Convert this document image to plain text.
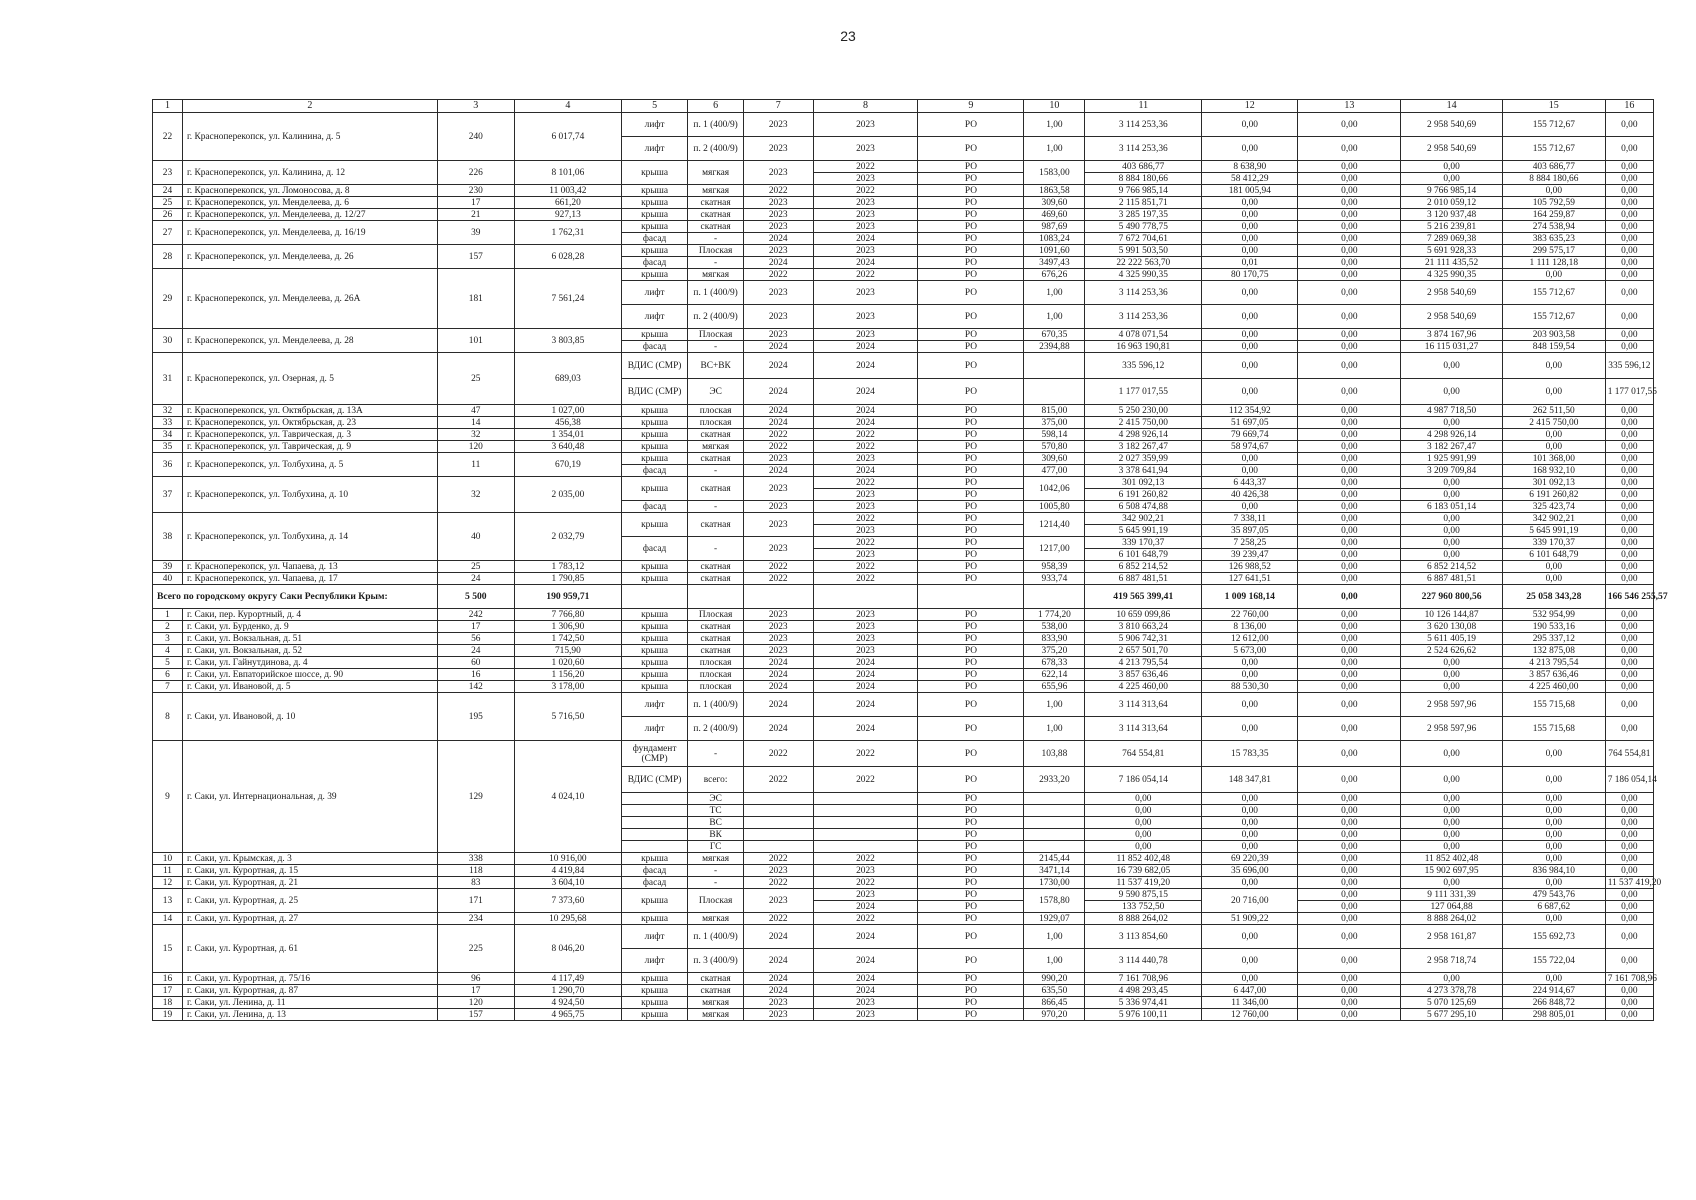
23
1	2	3	4	5	6	7	8	9	10	11	12	13	14	15	16
22	г. Красноперекопск, ул. Калинина, д. 5	240	6 017,74	лифт	п. 1 (400/9)	2023	2023	РО	1,00	3 114 253,36	0,00	0,00	2 958 540,69	155 712,67	0,00
				лифт	п. 2 (400/9)	2023	2023	РО	1,00	3 114 253,36	0,00	0,00	2 958 540,69	155 712,67	0,00
23	г. Красноперекопск, ул. Калинина, д. 12	226	8 101,06	крыша	мягкая	2023	2022	РО	1583,00	403 686,77	8 638,90	0,00	0,00	403 686,77	0,00
							2023	РО		8 884 180,66	58 412,29	0,00	0,00	8 884 180,66	0,00
24	г. Красноперекопск, ул. Ломоносова, д. 8	230	11 003,42	крыша	мягкая	2022	2022	РО	1863,58	9 766 985,14	181 005,94	0,00	9 766 985,14	0,00	0,00
25	г. Красноперекопск, ул. Менделеева, д. 6	17	661,20	крыша	скатная	2023	2023	РО	309,60	2 115 851,71	0,00	0,00	2 010 059,12	105 792,59	0,00
26	г. Красноперекопск, ул. Менделеева, д. 12/27	21	927,13	крыша	скатная	2023	2023	РО	469,60	3 285 197,35	0,00	0,00	3 120 937,48	164 259,87	0,00
27	г. Красноперекопск, ул. Менделеева, д. 16/19	39	1 762,31	крыша	скатная	2023	2023	РО	987,69	5 490 778,75	0,00	0,00	5 216 239,81	274 538,94	0,00
				фасад	-	2024	2024	РО	1083,24	7 672 704,61	0,00	0,00	7 289 069,38	383 635,23	0,00
28	г. Красноперекопск, ул. Менделеева, д. 26	157	6 028,28	крыша	Плоская	2023	2023	РО	1091,60	5 991 503,50	0,00	0,00	5 691 928,33	299 575,17	0,00
				фасад	-	2024	2024	РО	3497,43	22 222 563,70	0,01	0,00	21 111 435,52	1 111 128,18	0,00
29	г. Красноперекопск, ул. Менделеева, д. 26А	181	7 561,24	крыша	мягкая	2022	2022	РО	676,26	4 325 990,35	80 170,75	0,00	4 325 990,35	0,00	0,00
				лифт	п. 1 (400/9)	2023	2023	РО	1,00	3 114 253,36	0,00	0,00	2 958 540,69	155 712,67	0,00
				лифт	п. 2 (400/9)	2023	2023	РО	1,00	3 114 253,36	0,00	0,00	2 958 540,69	155 712,67	0,00
30	г. Красноперекопск, ул. Менделеева, д. 28	101	3 803,85	крыша	Плоская	2023	2023	РО	670,35	4 078 071,54	0,00	0,00	3 874 167,96	203 903,58	0,00
				фасад	-	2024	2024	РО	2394,88	16 963 190,81	0,00	0,00	16 115 031,27	848 159,54	0,00
31	г. Красноперекопск, ул. Озерная, д. 5	25	689,03	ВДИС (СМР)	ВС+ВК	2024	2024	РО		335 596,12	0,00	0,00	0,00	0,00	335 596,12
				ВДИС (СМР)	ЭС	2024	2024	РО		1 177 017,55	0,00	0,00	0,00	0,00	1 177 017,55
32	г. Красноперекопск, ул. Октябрьская, д. 13А	47	1 027,00	крыша	плоская	2024	2024	РО	815,00	5 250 230,00	112 354,92	0,00	4 987 718,50	262 511,50	0,00
33	г. Красноперекопск, ул. Октябрьская, д. 23	14	456,38	крыша	плоская	2024	2024	РО	375,00	2 415 750,00	51 697,05	0,00	0,00	2 415 750,00	0,00
34	г. Красноперекопск, ул. Таврическая, д. 3	32	1 354,01	крыша	скатная	2022	2022	РО	598,14	4 298 926,14	79 669,74	0,00	4 298 926,14	0,00	0,00
35	г. Красноперекопск, ул. Таврическая, д. 9	120	3 640,48	крыша	мягкая	2022	2022	РО	570,80	3 182 267,47	58 974,67	0,00	3 182 267,47	0,00	0,00
36	г. Красноперекопск, ул. Толбухина, д. 5	11	670,19	крыша	скатная	2023	2023	РО	309,60	2 027 359,99	0,00	0,00	1 925 991,99	101 368,00	0,00
				фасад	-	2024	2024	РО	477,00	3 378 641,94	0,00	0,00	3 209 709,84	168 932,10	0,00
37	г. Красноперекопск, ул. Толбухина, д. 10	32	2 035,00	крыша	скатная	2023	2022	РО	1042,06	301 092,13	6 443,37	0,00	0,00	301 092,13	0,00
							2023	РО		6 191 260,82	40 426,38	0,00	0,00	6 191 260,82	0,00
				фасад	-	2023	2023	РО	1005,80	6 508 474,88	0,00	0,00	6 183 051,14	325 423,74	0,00
38	г. Красноперекопск, ул. Толбухина, д. 14	40	2 032,79	крыша	скатная	2023	2022	РО	1214,40	342 902,21	7 338,11	0,00	0,00	342 902,21	0,00
							2023	РО		5 645 991,19	35 897,05	0,00	0,00	5 645 991,19	0,00
				фасад	-	2023	2022	РО	1217,00	339 170,37	7 258,25	0,00	0,00	339 170,37	0,00
							2023	РО		6 101 648,79	39 239,47	0,00	0,00	6 101 648,79	0,00
39	г. Красноперекопск, ул. Чапаева, д. 13	25	1 783,12	крыша	скатная	2022	2022	РО	958,39	6 852 214,52	126 988,52	0,00	6 852 214,52	0,00	0,00
40	г. Красноперекопск, ул. Чапаева, д. 17	24	1 790,85	крыша	скатная	2022	2022	РО	933,74	6 887 481,51	127 641,51	0,00	6 887 481,51	0,00	0,00
Всего по городскому округу Саки Республики Крым:		5 500	190 959,71							419 565 399,41	1 009 168,14	0,00	227 960 800,56	25 058 343,28	166 546 255,57
1	г. Саки, пер. Курортный, д. 4	242	7 766,80	крыша	Плоская	2023	2023	РО	1 774,20	10 659 099,86	22 760,00	0,00	10 126 144,87	532 954,99	0,00
2	г. Саки, ул. Бурденко, д. 9	17	1 306,90	крыша	скатная	2023	2023	РО	538,00	3 810 663,24	8 136,00	0,00	3 620 130,08	190 533,16	0,00
3	г. Саки, ул. Вокзальная, д. 51	56	1 742,50	крыша	скатная	2023	2023	РО	833,90	5 906 742,31	12 612,00	0,00	5 611 405,19	295 337,12	0,00
4	г. Саки, ул. Вокзальная, д. 52	24	715,90	крыша	скатная	2023	2023	РО	375,20	2 657 501,70	5 673,00	0,00	2 524 626,62	132 875,08	0,00
5	г. Саки, ул. Гайнутдинова, д. 4	60	1 020,60	крыша	плоская	2024	2024	РО	678,33	4 213 795,54	0,00	0,00	0,00	4 213 795,54	0,00
6	г. Саки, ул. Евпаторийское шоссе, д. 90	16	1 156,20	крыша	плоская	2024	2024	РО	622,14	3 857 636,46	0,00	0,00	0,00	3 857 636,46	0,00
7	г. Саки, ул. Ивановой, д. 5	142	3 178,00	крыша	плоская	2024	2024	РО	655,96	4 225 460,00	88 530,30	0,00	0,00	4 225 460,00	0,00
8	г. Саки, ул. Ивановой, д. 10	195	5 716,50	лифт	п. 1 (400/9)	2024	2024	РО	1,00	3 114 313,64	0,00	0,00	2 958 597,96	155 715,68	0,00
				лифт	п. 2 (400/9)	2024	2024	РО	1,00	3 114 313,64	0,00	0,00	2 958 597,96	155 715,68	0,00
9	г. Саки, ул. Интернациональная, д. 39	129	4 024,10	фундамент (СМР)	-	2022	2022	РО	103,88	764 554,81	15 783,35	0,00	0,00	0,00	764 554,81
				ВДИС (СМР)	всего:	2022	2022	РО	2933,20	7 186 054,14	148 347,81	0,00	0,00	0,00	7 186 054,14
					ЭС			РО		0,00	0,00	0,00	0,00	0,00	0,00
					ТС			РО		0,00	0,00	0,00	0,00	0,00	0,00
					ВС			РО		0,00	0,00	0,00	0,00	0,00	0,00
					ВК			РО		0,00	0,00	0,00	0,00	0,00	0,00
					ГС			РО		0,00	0,00	0,00	0,00	0,00	0,00
10	г. Саки, ул. Крымская, д. 3	338	10 916,00	крыша	мягкая	2022	2022	РО	2145,44	11 852 402,48	69 220,39	0,00	11 852 402,48	0,00	0,00
11	г. Саки, ул. Курортная, д. 15	118	4 419,84	фасад	-	2023	2023	РО	3471,14	16 739 682,05	35 696,00	0,00	15 902 697,95	836 984,10	0,00
12	г. Саки, ул. Курортная, д. 21	83	3 604,10	фасад	-	2022	2022	РО	1730,00	11 537 419,20	0,00	0,00	0,00	0,00	11 537 419,20
13	г. Саки, ул. Курортная, д. 25	171	7 373,60	крыша	Плоская	2023	2023	РО	1578,80	9 590 875,15	20 716,00	0,00	9 111 331,39	479 543,76	0,00
							2024	РО		133 752,50		0,00	127 064,88	6 687,62	0,00
14	г. Саки, ул. Курортная, д. 27	234	10 295,68	крыша	мягкая	2022	2022	РО	1929,07	8 888 264,02	51 909,22	0,00	8 888 264,02	0,00	0,00
15	г. Саки, ул. Курортная, д. 61	225	8 046,20	лифт	п. 1 (400/9)	2024	2024	РО	1,00	3 113 854,60	0,00	0,00	2 958 161,87	155 692,73	0,00
				лифт	п. 3 (400/9)	2024	2024	РО	1,00	3 114 440,78	0,00	0,00	2 958 718,74	155 722,04	0,00
16	г. Саки, ул. Курортная, д. 75/16	96	4 117,49	крыша	скатная	2024	2024	РО	990,20	7 161 708,96	0,00	0,00	0,00	0,00	7 161 708,96
17	г. Саки, ул. Курортная, д. 87	17	1 290,70	крыша	скатная	2024	2024	РО	635,50	4 498 293,45	6 447,00	0,00	4 273 378,78	224 914,67	0,00
18	г. Саки, ул. Ленина, д. 11	120	4 924,50	крыша	мягкая	2023	2023	РО	866,45	5 336 974,41	11 346,00	0,00	5 070 125,69	266 848,72	0,00
19	г. Саки, ул. Ленина, д. 13	157	4 965,75	крыша	мягкая	2023	2023	РО	970,20	5 976 100,11	12 760,00	0,00	5 677 295,10	298 805,01	0,00
